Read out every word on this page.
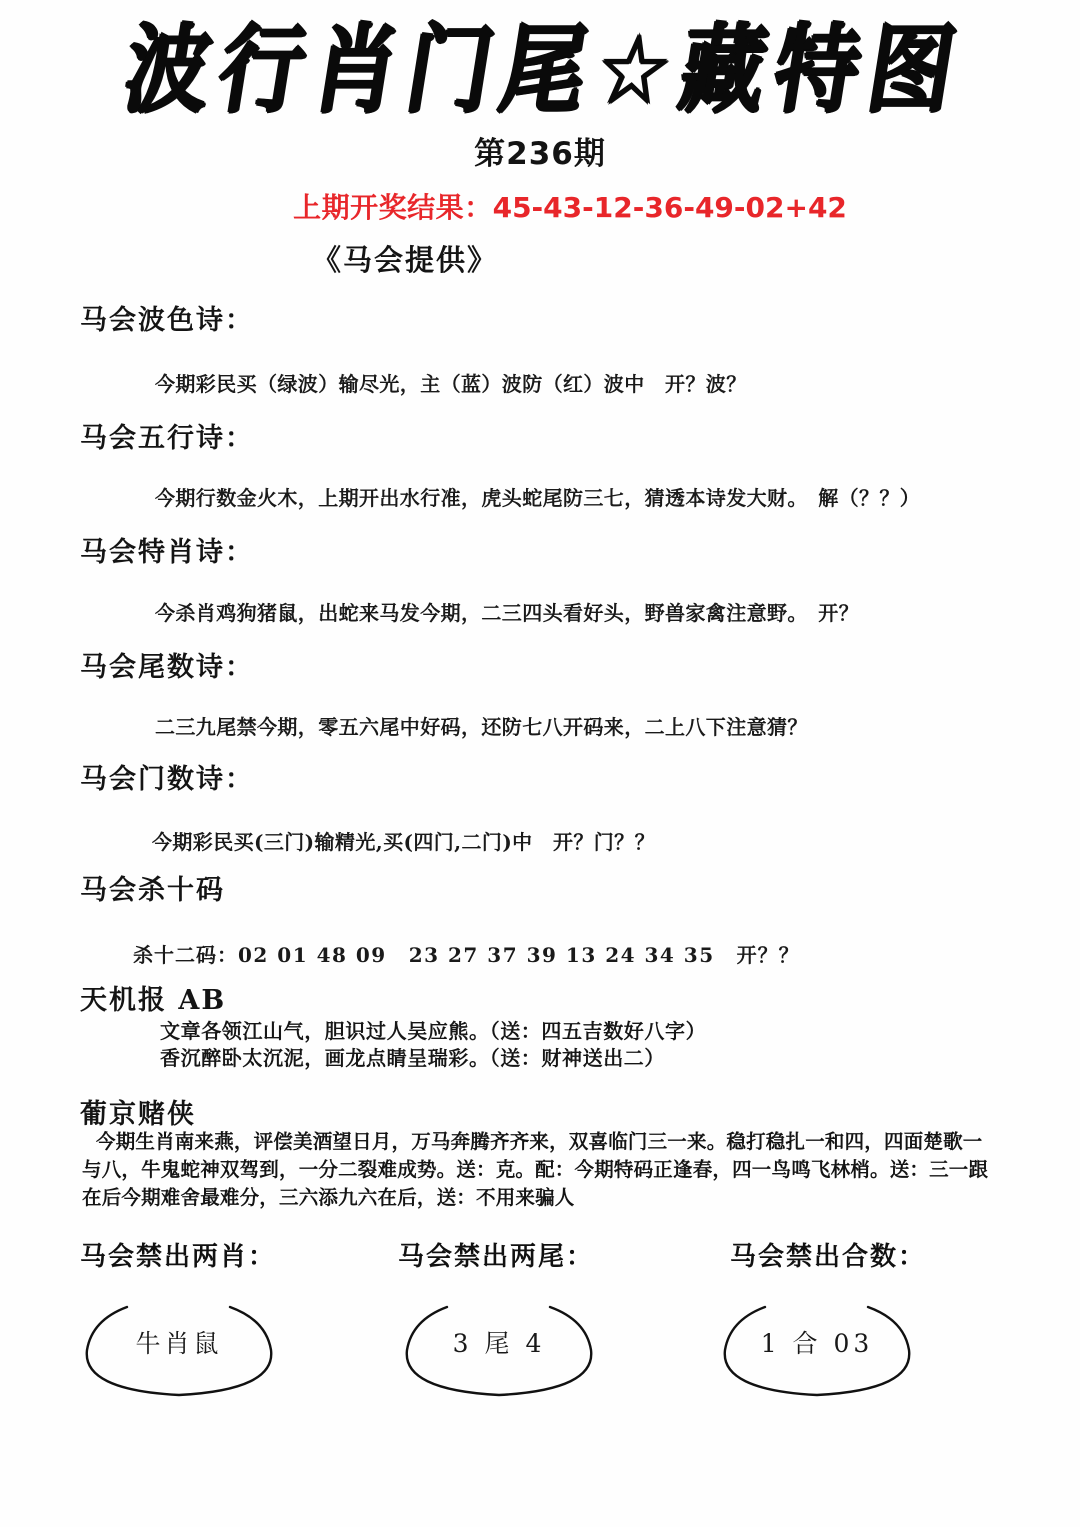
波行肖门尾☆藏特图
第236期
上期开奖结果：45-43-12-36-49-02+42
《马会提供》
马会波色诗：
今期彩民买（绿波）输尽光，主（蓝）波防（红）波中　开？波？
马会五行诗：
今期行数金火木，上期开出水行准，虎头蛇尾防三七，猜透本诗发大财。　解（？？）
马会特肖诗：
今杀肖鸡狗猪鼠，出蛇来马发今期，二三四头看好头，野兽家禽注意野。　开？
马会尾数诗：
二三九尾禁今期，零五六尾中好码，还防七八开码来，二上八下注意猜？
马会门数诗：
今期彩民买(三门)输精光,买(四门,二门)中　开？门？？
马会杀十码
杀十二码：02 01 48 09 23 27 37 39 13 24 34 35 开？？
天机报 AB
文章各领江山气，胆识过人吴应熊。（送：四五吉数好八字）
香沉醉卧太沉泥，画龙点睛呈瑞彩。（送：财神送出二）
葡京赌侠
今期生肖南来燕，评偿美酒望日月，万马奔腾齐齐来，双喜临门三一来。稳打稳扎一和四，四面楚歌一
与八，牛鬼蛇神双驾到，一分二裂难成势。送：克。配：今期特码正逢春，四一鸟鸣飞林梢。送：三一跟
在后今期难舍最难分，三六添九六在后，送：不用来骗人
马会禁出两肖：	马会禁出两尾：	马会禁出合数：
牛肖鼠	3 尾 4	1 合 03
